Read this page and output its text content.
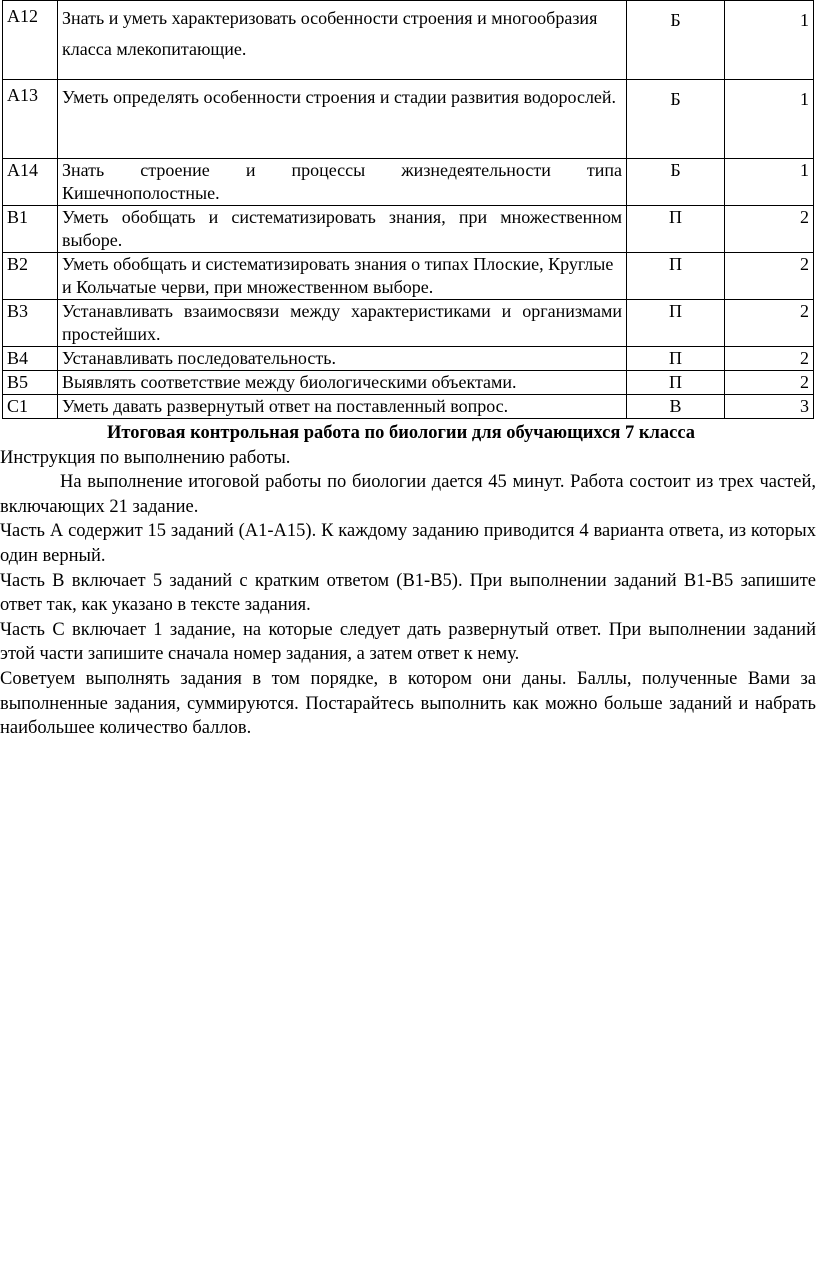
А12	Знать и уметь характеризовать особенности строения и многообразия класса млекопитающие.	Б	1
А13	Уметь определять особенности строения и стадии развития водорослей.	Б	1
А14	Знать строение и процессы жизнедеятельности типа Кишечнополостные.	Б	1
В1	Уметь обобщать и систематизировать знания, при множественном выборе.	П	2
В2	Уметь обобщать и систематизировать знания о типах Плоские, Круглые и Кольчатые черви, при множественном выборе.	П	2
В3	Устанавливать взаимосвязи между характеристиками и организмами простейших.	П	2
В4	Устанавливать последовательность.	П	2
В5	Выявлять соответствие между биологическими объектами.	П	2
С1	Уметь давать развернутый ответ на поставленный вопрос.	В	3

Итоговая контрольная работа по биологии для обучающихся 7 класса

Инструкция по выполнению работы.

На выполнение итоговой работы по биологии дается 45 минут. Работа состоит из трех частей, включающих 21 задание.

Часть А содержит 15 заданий (А1-А15). К каждому заданию приводится 4 варианта ответа, из которых один верный.

Часть В включает 5 заданий с кратким ответом (В1-В5). При выполнении заданий В1-В5 запишите ответ так, как указано в тексте задания.

Часть С включает 1 задание, на которые следует дать развернутый ответ. При выполнении заданий этой части запишите сначала номер задания, а затем ответ к нему.

Советуем выполнять задания в том порядке, в котором они даны. Баллы, полученные Вами за выполненные задания, суммируются. Постарайтесь выполнить как можно больше заданий и набрать наибольшее количество баллов.
